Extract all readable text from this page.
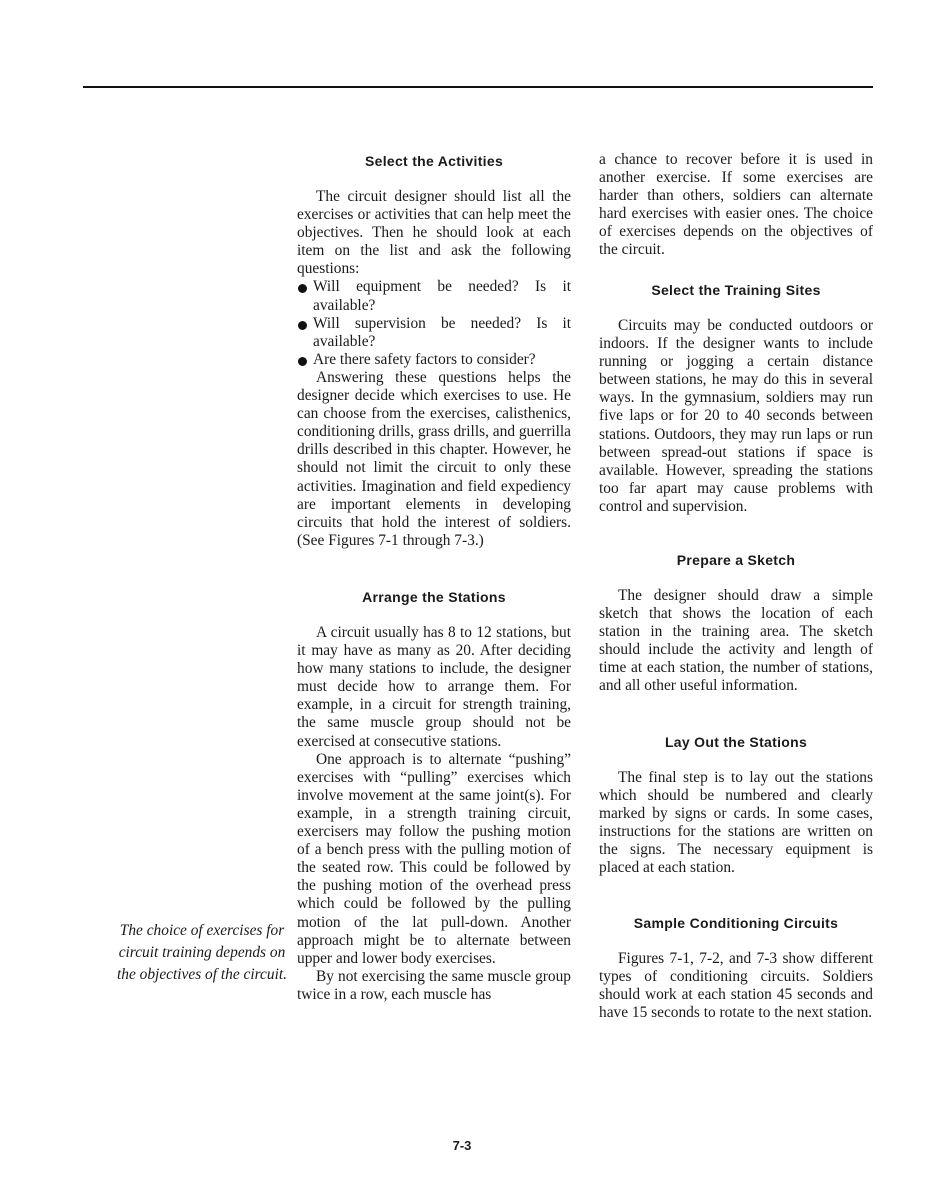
Select the Activities

The circuit designer should list all the exercises or activities that can help meet the objectives. Then he should look at each item on the list and ask the following questions:

Will equipment be needed? Is it available?
Will supervision be needed? Is it available?
Are there safety factors to consider?

Answering these questions helps the designer decide which exercises to use. He can choose from the exercises, calisthenics, conditioning drills, grass drills, and guerrilla drills described in this chapter. However, he should not limit the circuit to only these activities. Imagination and field expediency are important elements in developing circuits that hold the interest of soldiers. (See Figures 7-1 through 7-3.)

Arrange the Stations

A circuit usually has 8 to 12 stations, but it may have as many as 20. After deciding how many stations to include, the designer must decide how to arrange them. For example, in a circuit for strength training, the same muscle group should not be exercised at consecutive stations.

One approach is to alternate “pushing” exercises with “pulling” exercises which involve movement at the same joint(s). For example, in a strength training circuit, exercisers may follow the pushing motion of a bench press with the pulling motion of the seated row. This could be followed by the pushing motion of the overhead press which could be followed by the pulling motion of the lat pull-down. Another approach might be to alternate between upper and lower body exercises.

By not exercising the same muscle group twice in a row, each muscle has

a chance to recover before it is used in another exercise. If some exercises are harder than others, soldiers can alternate hard exercises with easier ones. The choice of exercises depends on the objectives of the circuit.

Select the Training Sites

Circuits may be conducted outdoors or indoors. If the designer wants to include running or jogging a certain distance between stations, he may do this in several ways. In the gymnasium, soldiers may run five laps or for 20 to 40 seconds between stations. Outdoors, they may run laps or run between spread-out stations if space is available. However, spreading the stations too far apart may cause problems with control and supervision.

Prepare a Sketch

The designer should draw a simple sketch that shows the location of each station in the training area. The sketch should include the activity and length of time at each station, the number of stations, and all other useful information.

Lay Out the Stations

The final step is to lay out the stations which should be numbered and clearly marked by signs or cards. In some cases, instructions for the stations are written on the signs. The necessary equipment is placed at each station.

Sample Conditioning Circuits

Figures 7-1, 7-2, and 7-3 show different types of conditioning circuits. Soldiers should work at each station 45 seconds and have 15 seconds to rotate to the next station.

The choice of exercises for circuit training depends on the objectives of the circuit.
7-3
